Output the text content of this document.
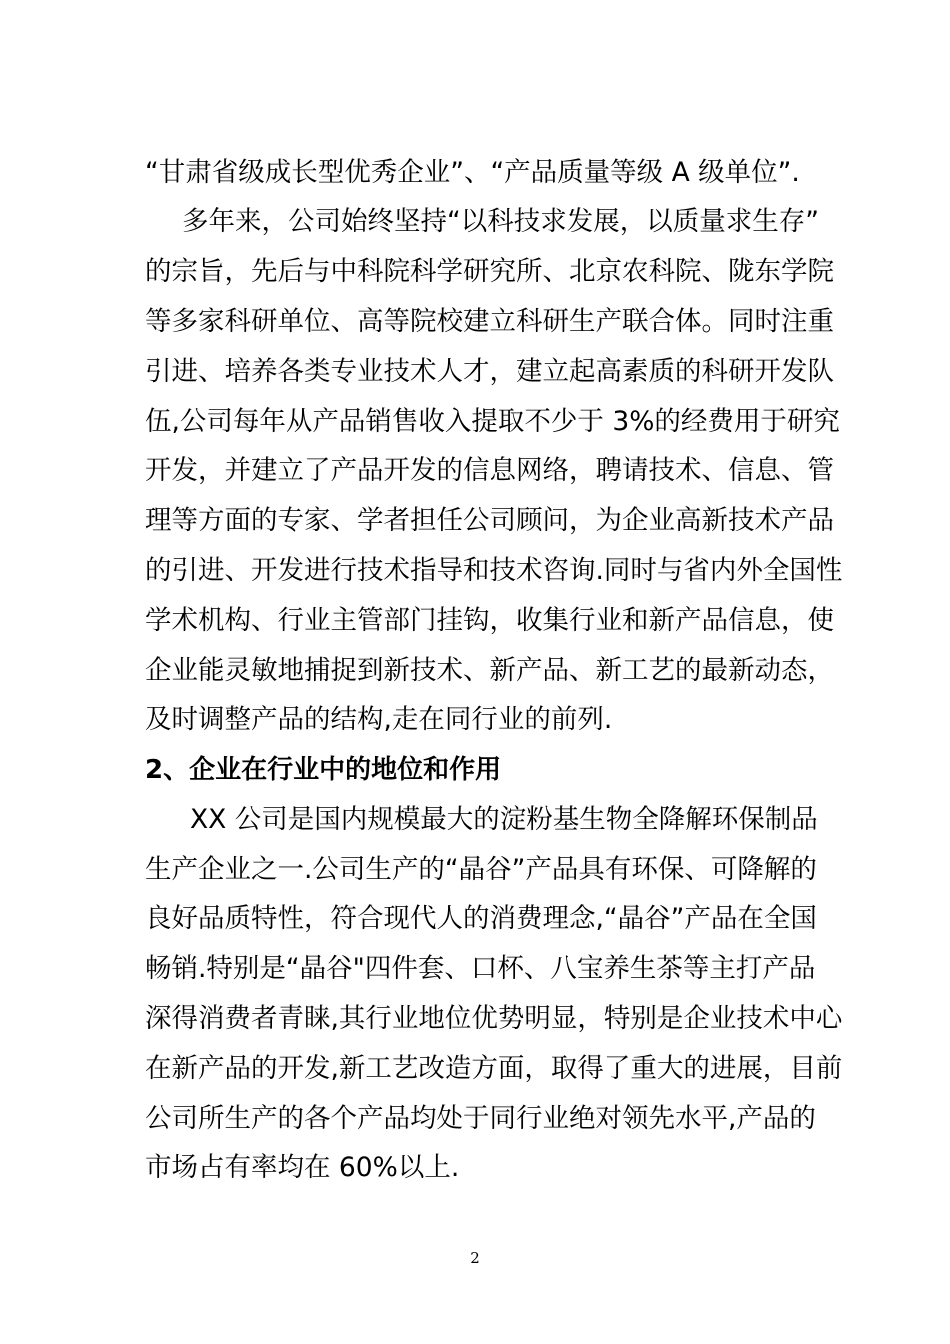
“甘肃省级成长型优秀企业”、“产品质量等级 A 级单位”.
多年来，公司始终坚持“以科技求发展，以质量求生存”
的宗旨，先后与中科院科学研究所、北京农科院、陇东学院
等多家科研单位、高等院校建立科研生产联合体。同时注重
引进、培养各类专业技术人才，建立起高素质的科研开发队
伍,公司每年从产品销售收入提取不少于 3%的经费用于研究
开发，并建立了产品开发的信息网络，聘请技术、信息、管
理等方面的专家、学者担任公司顾问，为企业高新技术产品
的引进、开发进行技术指导和技术咨询.同时与省内外全国性
学术机构、行业主管部门挂钩，收集行业和新产品信息，使
企业能灵敏地捕捉到新技术、新产品、新工艺的最新动态，
及时调整产品的结构,走在同行业的前列.
2、企业在行业中的地位和作用
XX 公司是国内规模最大的淀粉基生物全降解环保制品
生产企业之一.公司生产的“晶谷”产品具有环保、可降解的
良好品质特性，符合现代人的消费理念,“晶谷”产品在全国
畅销.特别是“晶谷"四件套、口杯、八宝养生茶等主打产品
深得消费者青睐,其行业地位优势明显，特别是企业技术中心
在新产品的开发,新工艺改造方面，取得了重大的进展，目前
公司所生产的各个产品均处于同行业绝对领先水平,产品的
市场占有率均在 60%以上.
2
